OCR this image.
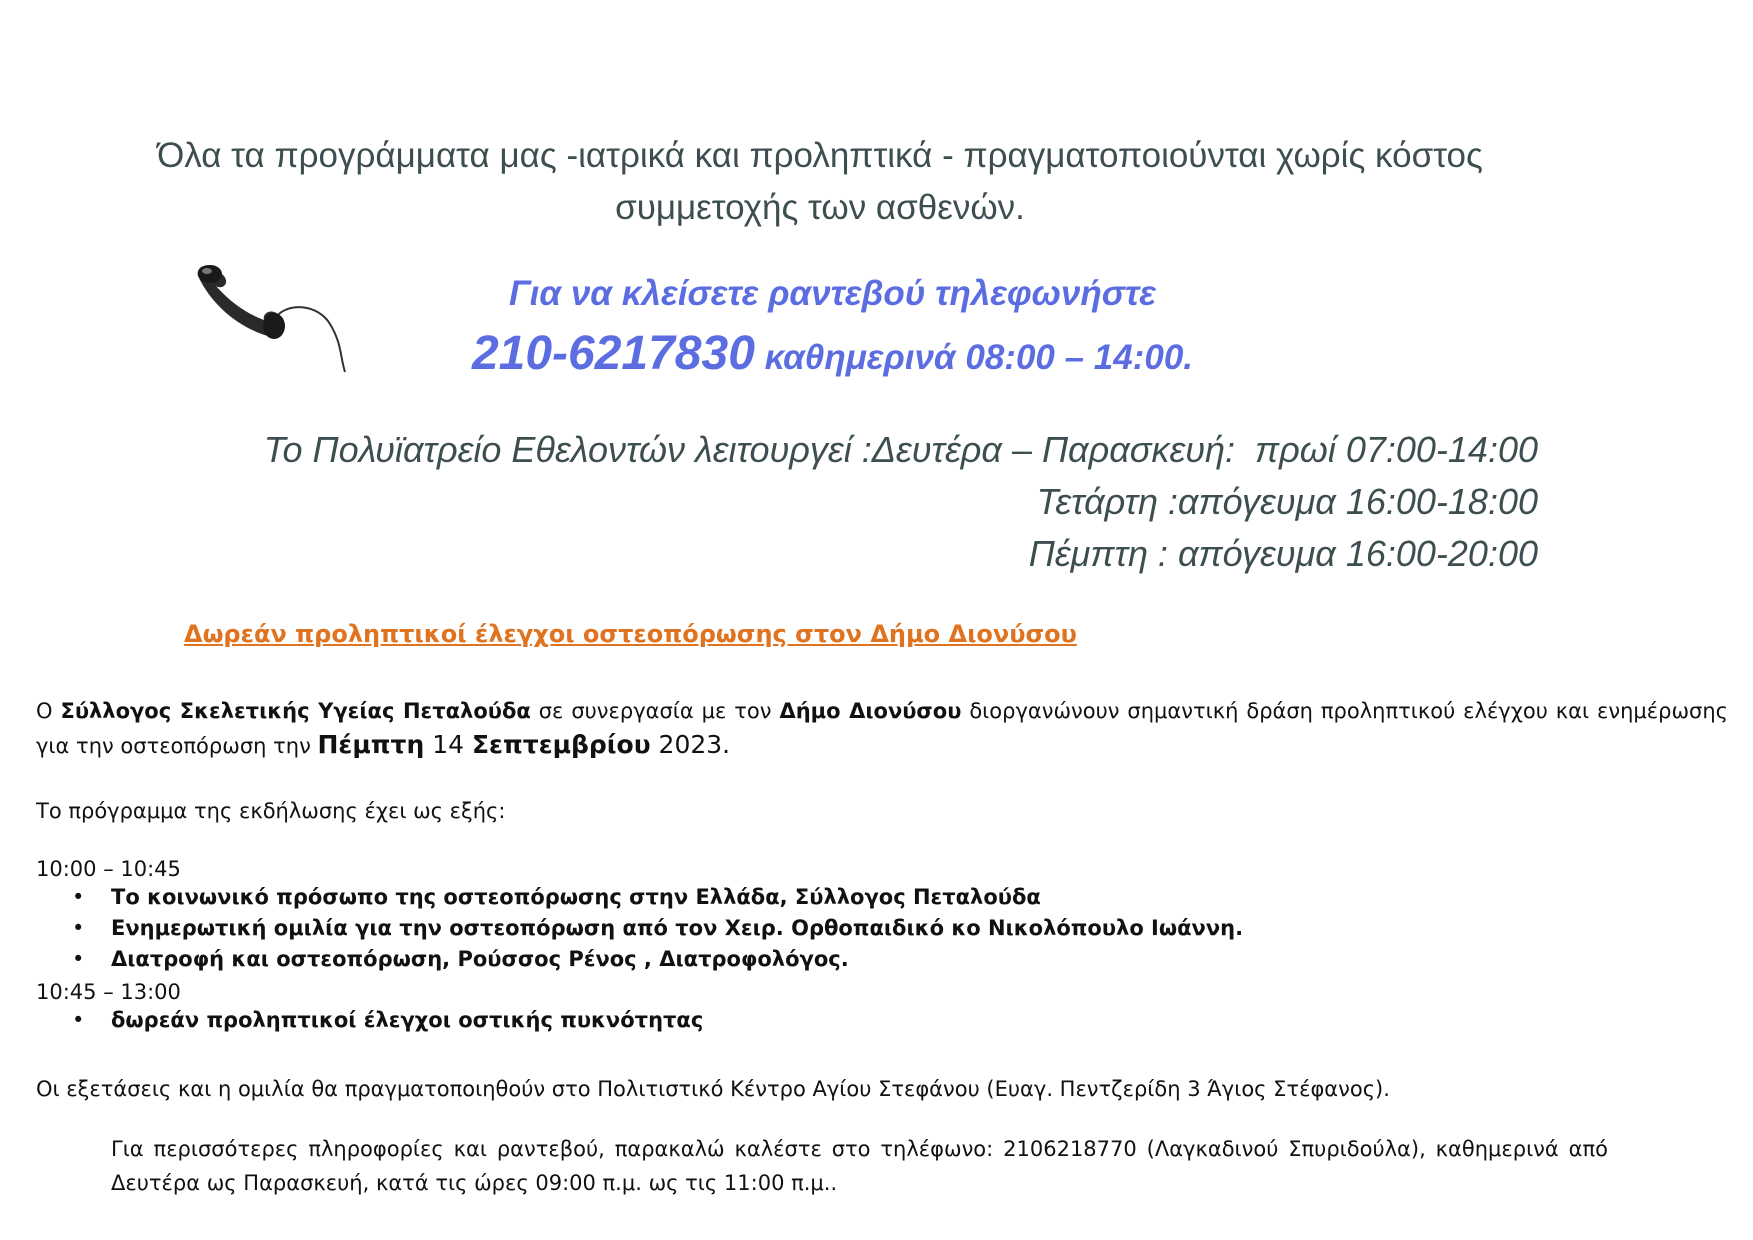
Όλα τα προγράμματα μας -ιατρικά και προληπτικά - πραγματοποιούνται χωρίς κόστος
συμμετοχής των ασθενών.
Για να κλείσετε ραντεβού τηλεφωνήστε
210-6217830 καθημερινά 08:00 – 14:00.
Το Πολυϊατρείο Εθελοντών λειτουργεί :Δευτέρα – Παρασκευή:  πρωί 07:00-14:00
Τετάρτη :απόγευμα 16:00-18:00
Πέμπτη : απόγευμα 16:00-20:00
Δωρεάν προληπτικοί έλεγχοι οστεοπόρωσης στον Δήμο Διονύσου
Ο Σύλλογος Σκελετικής Υγείας Πεταλούδα σε συνεργασία με τον Δήμο Διονύσου διοργανώνουν σημαντική δράση προληπτικού ελέγχου και ενημέρωσης για την οστεοπόρωση την Πέμπτη 14 Σεπτεμβρίου 2023.
Το πρόγραμμα της εκδήλωσης έχει ως εξής:
10:00 – 10:45
• Το κοινωνικό πρόσωπο της οστεοπόρωσης στην Ελλάδα, Σύλλογος Πεταλούδα
• Ενημερωτική ομιλία για την οστεοπόρωση από τον Χειρ. Ορθοπαιδικό κο Νικολόπουλο Ιωάννη.
• Διατροφή και οστεοπόρωση, Ρούσσος Ρένος , Διατροφολόγος.
10:45 – 13:00
• δωρεάν προληπτικοί έλεγχοι οστικής πυκνότητας
Οι εξετάσεις και η ομιλία θα πραγματοποιηθούν στο Πολιτιστικό Κέντρο Αγίου Στεφάνου (Ευαγ. Πεντζερίδη 3 Άγιος Στέφανος).
Για περισσότερες πληροφορίες και ραντεβού, παρακαλώ καλέστε στο τηλέφωνο: 2106218770 (Λαγκαδινού Σπυριδούλα), καθημερινά από Δευτέρα ως Παρασκευή, κατά τις ώρες 09:00 π.μ. ως τις 11:00 π.μ..
